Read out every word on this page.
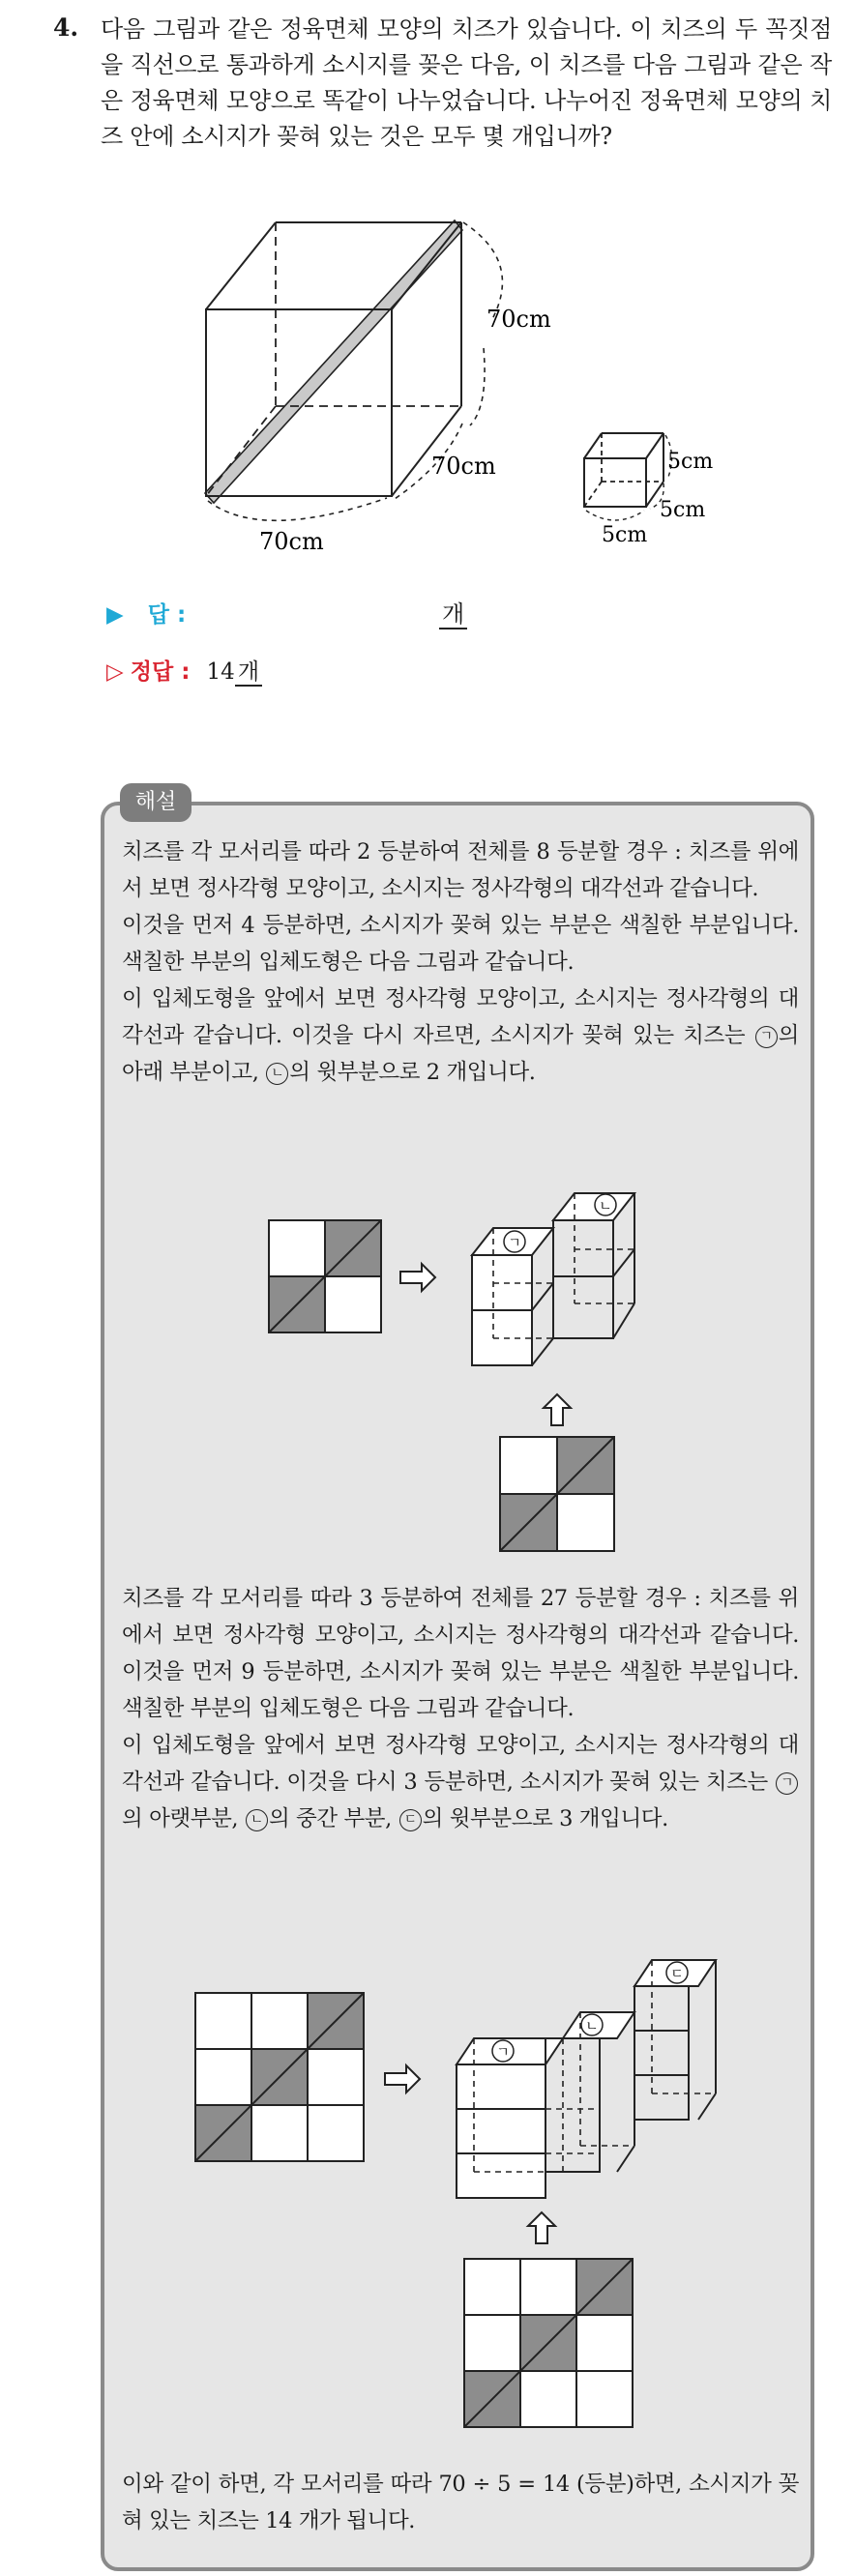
4. 다음 그림과 같은 정육면체 모양의 치즈가 있습니다. 이 치즈의 두 꼭짓점을 직선으로 통과하게 소시지를 꽂은 다음, 이 치즈를 다음 그림과 같은 작은 정육면체 모양으로 똑같이 나누었습니다. 나누어진 정육면체 모양의 치즈 안에 소시지가 꽂혀 있는 것은 모두 몇 개입니까?
70cm
70cm
70cm
5cm
5cm
5cm
▶ 답 :	개
▷ 정답 : 14 개
해설

치즈를 각 모서리를 따라 2 등분하여 전체를 8 등분할 경우 : 치즈를 위에서 보면 정사각형 모양이고, 소시지는 정사각형의 대각선과 같습니다.

이것을 먼저 4 등분하면, 소시지가 꽂혀 있는 부분은 색칠한 부분입니다. 색칠한 부분의 입체도형은 다음 그림과 같습니다.

이 입체도형을 앞에서 보면 정사각형 모양이고, 소시지는 정사각형의 대각선과 같습니다. 이것을 다시 자르면, 소시지가 꽂혀 있는 치즈는 ㄱ 의 아래 부분이고, ㄴ 의 윗부분으로 2 개입니다.

ㄱ
ㄴ

치즈를 각 모서리를 따라 3 등분하여 전체를 27 등분할 경우 : 치즈를 위에서 보면 정사각형 모양이고, 소시지는 정사각형의 대각선과 같습니다. 이것을 먼저 9 등분하면, 소시지가 꽂혀 있는 부분은 색칠한 부분입니다. 색칠한 부분의 입체도형은 다음 그림과 같습니다.

이 입체도형을 앞에서 보면 정사각형 모양이고, 소시지는 정사각형의 대각선과 같습니다. 이것을 다시 3 등분하면, 소시지가 꽂혀 있는 치즈는 ㄱ의 아랫부분, ㄴ 의 중간 부분, ㄷ 의 윗부분으로 3 개입니다.

ㄱ
ㄴ
ㄷ

이와 같이 하면, 각 모서리를 따라 70 ÷ 5 = 14 (등분)하면, 소시지가 꽂혀 있는 치즈는 14 개가 됩니다.
